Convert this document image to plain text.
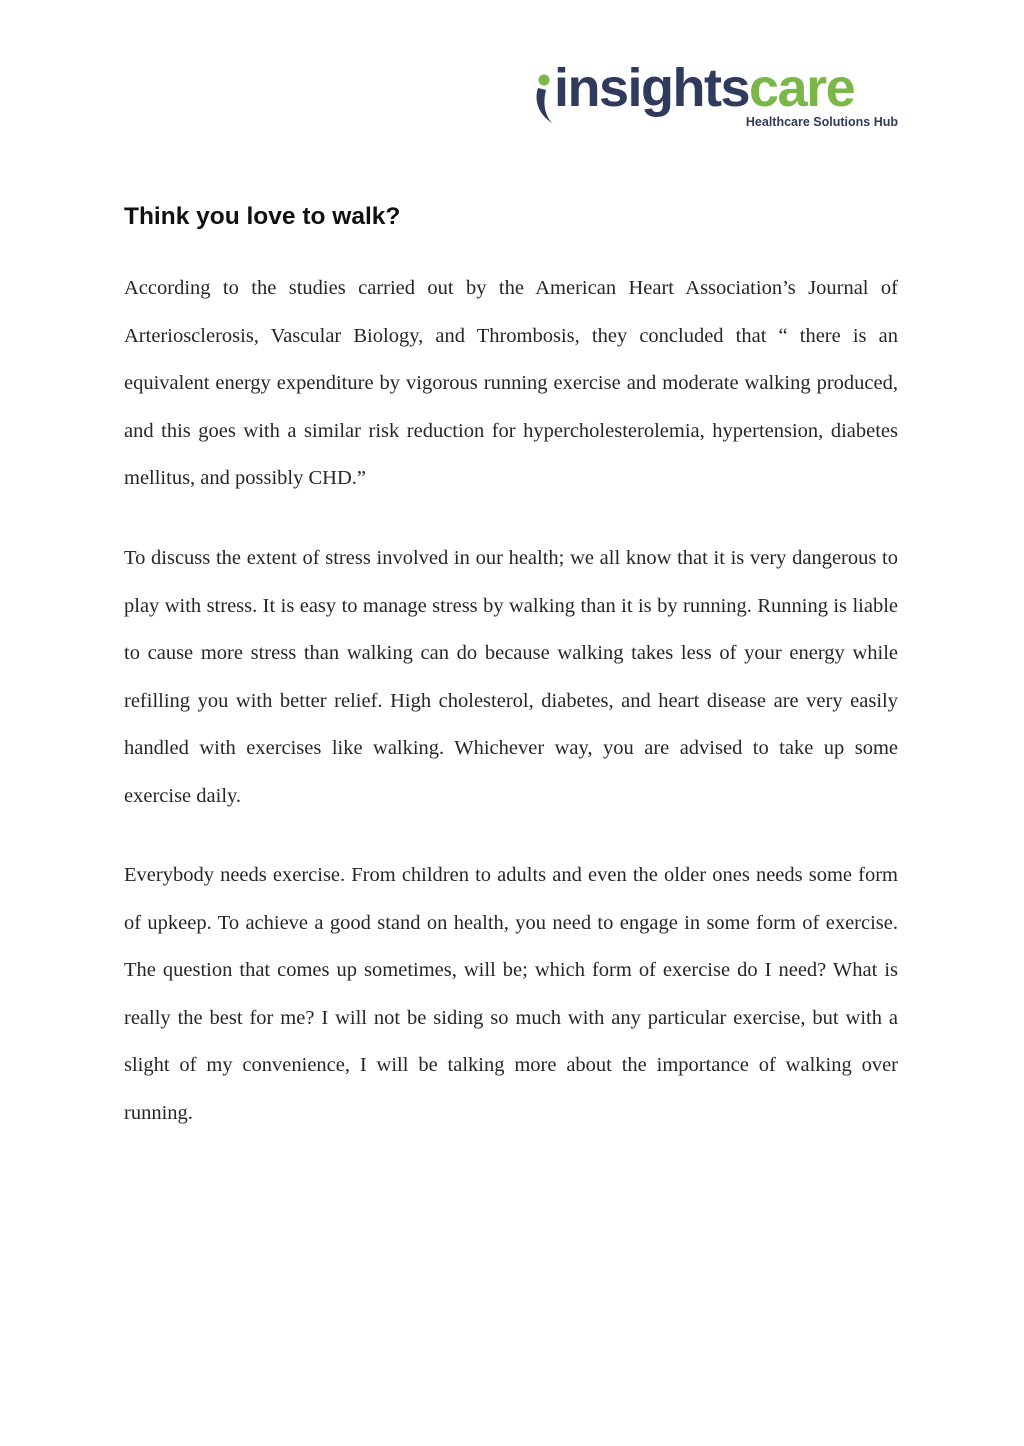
insightscare
Healthcare Solutions Hub
Think you love to walk?

According to the studies carried out by the American Heart Association’s Journal of Arteriosclerosis, Vascular Biology, and Thrombosis, they concluded that “ there is an equivalent energy expenditure by vigorous running exercise and moderate walking produced, and this goes with a similar risk reduction for hypercholesterolemia, hypertension, diabetes mellitus, and possibly CHD.”

To discuss the extent of stress involved in our health; we all know that it is very dangerous to play with stress. It is easy to manage stress by walking than it is by running. Running is liable to cause more stress than walking can do because walking takes less of your energy while refilling you with better relief. High cholesterol, diabetes, and heart disease are very easily handled with exercises like walking. Whichever way, you are advised to take up some exercise daily.

Everybody needs exercise. From children to adults and even the older ones needs some form of upkeep. To achieve a good stand on health, you need to engage in some form of exercise. The question that comes up sometimes, will be; which form of exercise do I need? What is really the best for me? I will not be siding so much with any particular exercise, but with a slight of my convenience, I will be talking more about the importance of walking over running.
